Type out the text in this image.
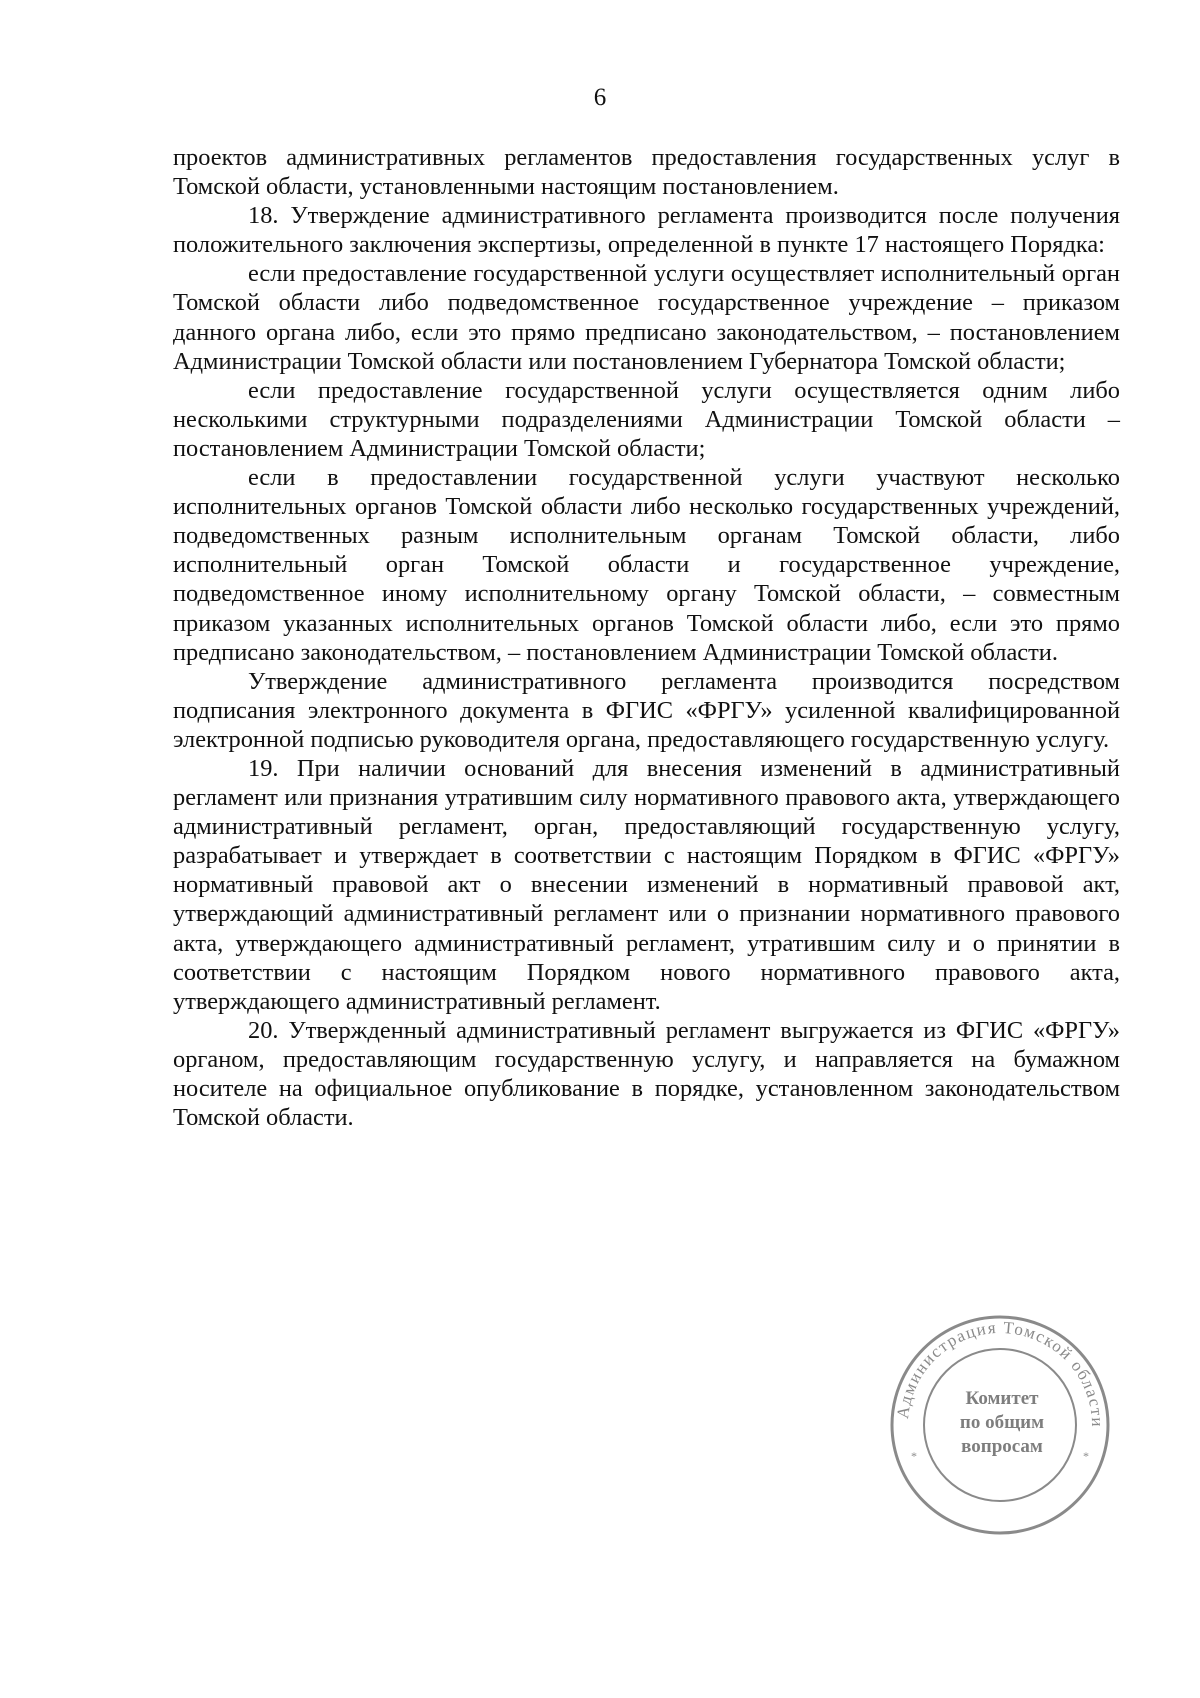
6

проектов административных регламентов предоставления государственных услуг в Томской области, установленными настоящим постановлением.

18. Утверждение административного регламента производится после получения положительного заключения экспертизы, определенной в пункте 17 настоящего Порядка:

если предоставление государственной услуги осуществляет исполнительный орган Томской области либо подведомственное государственное учреждение – приказом данного органа либо, если это прямо предписано законодательством, – постановлением Администрации Томской области или постановлением Губернатора Томской области;

если предоставление государственной услуги осуществляется одним либо несколькими структурными подразделениями Администрации Томской области – постановлением Администрации Томской области;

если в предоставлении государственной услуги участвуют несколько исполнительных органов Томской области либо несколько государственных учреждений, подведомственных разным исполнительным органам Томской области, либо исполнительный орган Томской области и государственное учреждение, подведомственное иному исполнительному органу Томской области, – совместным приказом указанных исполнительных органов Томской области либо, если это прямо предписано законодательством, – постановлением Администрации Томской области.

Утверждение административного регламента производится посредством подписания электронного документа в ФГИС «ФРГУ» усиленной квалифицированной электронной подписью руководителя органа, предоставляющего государственную услугу.

19. При наличии оснований для внесения изменений в административный регламент или признания утратившим силу нормативного правового акта, утверждающего административный регламент, орган, предоставляющий государственную услугу, разрабатывает и утверждает в соответствии с настоящим Порядком в ФГИС «ФРГУ» нормативный правовой акт о внесении изменений в нормативный правовой акт, утверждающий административный регламент или о признании нормативного правового акта, утверждающего административный регламент, утратившим силу и о принятии в соответствии с настоящим Порядком нового нормативного правового акта, утверждающего административный регламент.

20. Утвержденный административный регламент выгружается из ФГИС «ФРГУ» органом, предоставляющим государственную услугу, и направляется на бумажном носителе на официальное опубликование в порядке, установленном законодательством Томской области.

Администрация Томской области
Комитет
по общим
вопросам
*	*
